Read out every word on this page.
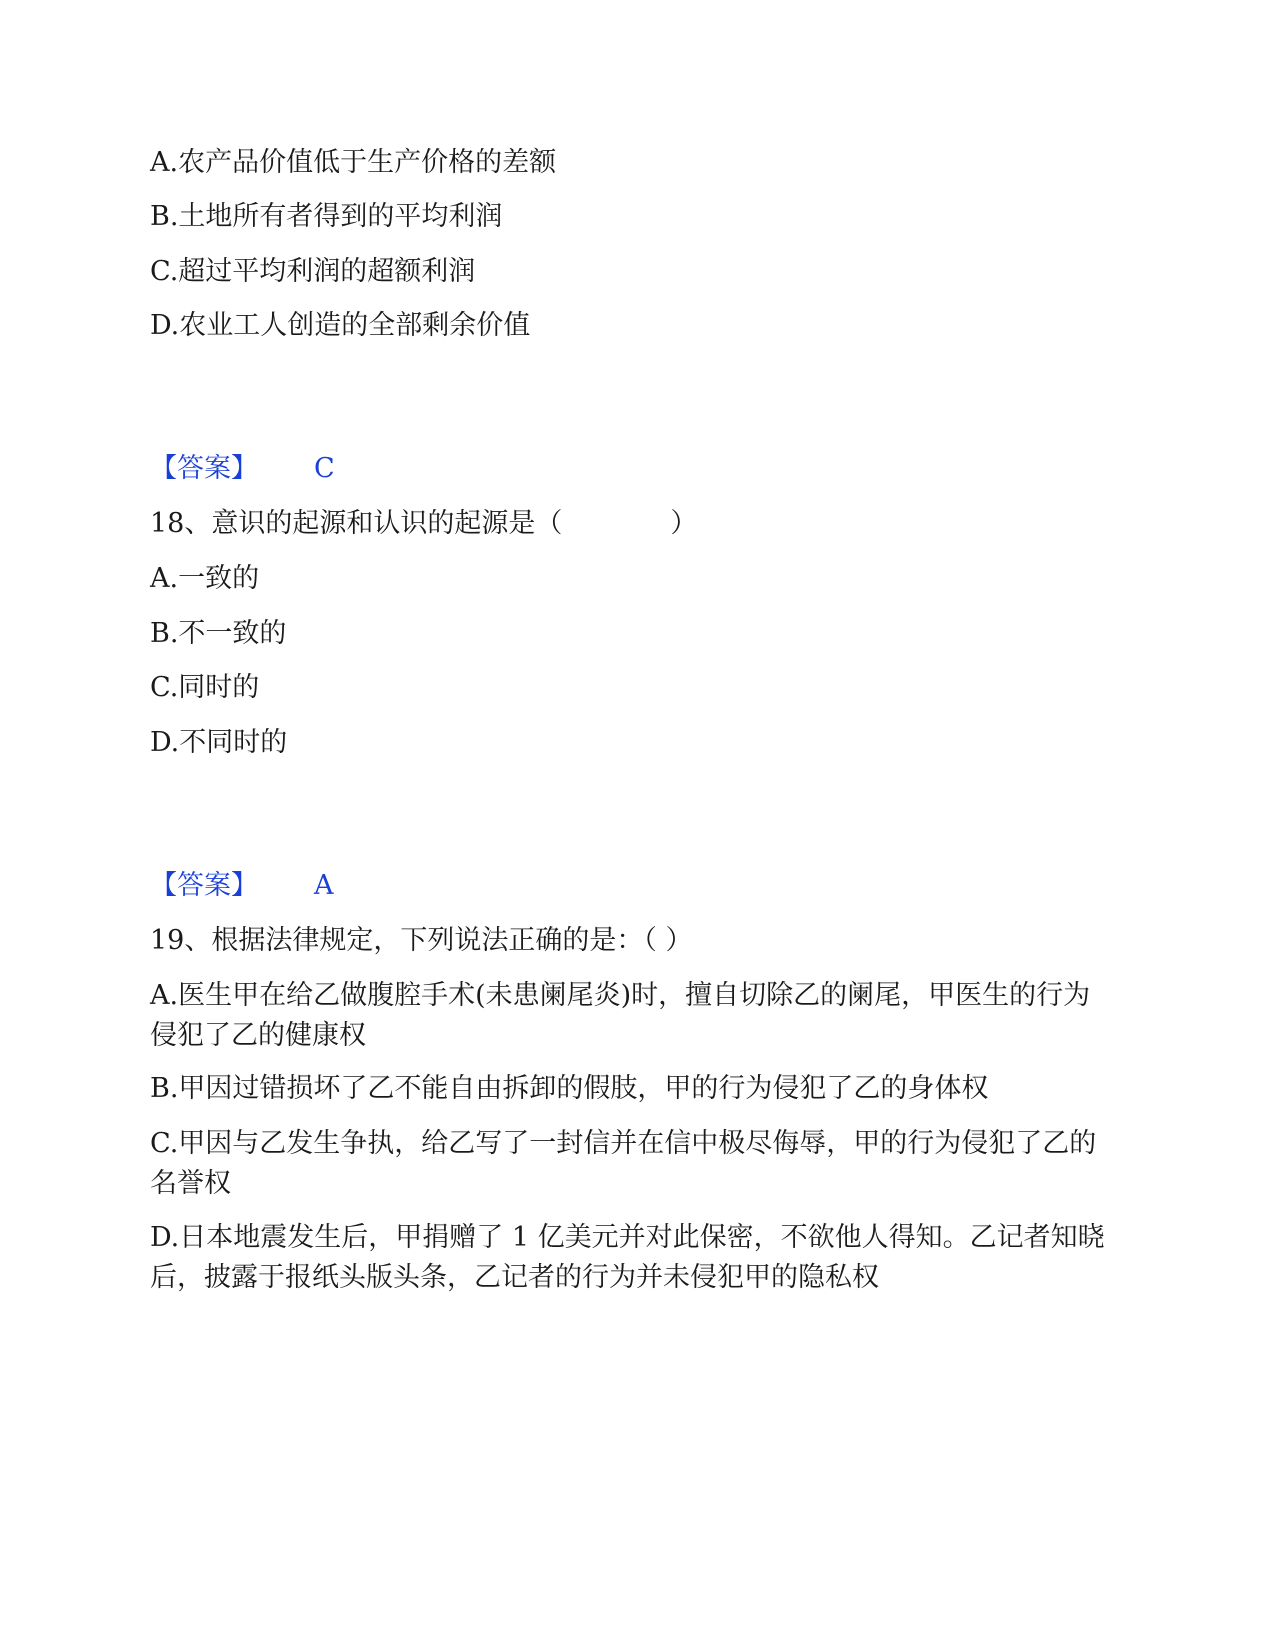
A.农产品价值低于生产价格的差额
B.土地所有者得到的平均利润
C.超过平均利润的超额利润
D.农业工人创造的全部剩余价值
【答案】 C
18、意识的起源和认识的起源是（　　　　）
A.一致的
B.不一致的
C.同时的
D.不同时的
【答案】 A
19、根据法律规定，下列说法正确的是：（ ）
A.医生甲在给乙做腹腔手术(未患阑尾炎)时，擅自切除乙的阑尾，甲医生的行为侵犯了乙的健康权
B.甲因过错损坏了乙不能自由拆卸的假肢，甲的行为侵犯了乙的身体权
C.甲因与乙发生争执，给乙写了一封信并在信中极尽侮辱，甲的行为侵犯了乙的名誉权
D.日本地震发生后，甲捐赠了 1 亿美元并对此保密，不欲他人得知。乙记者知晓后，披露于报纸头版头条，乙记者的行为并未侵犯甲的隐私权
